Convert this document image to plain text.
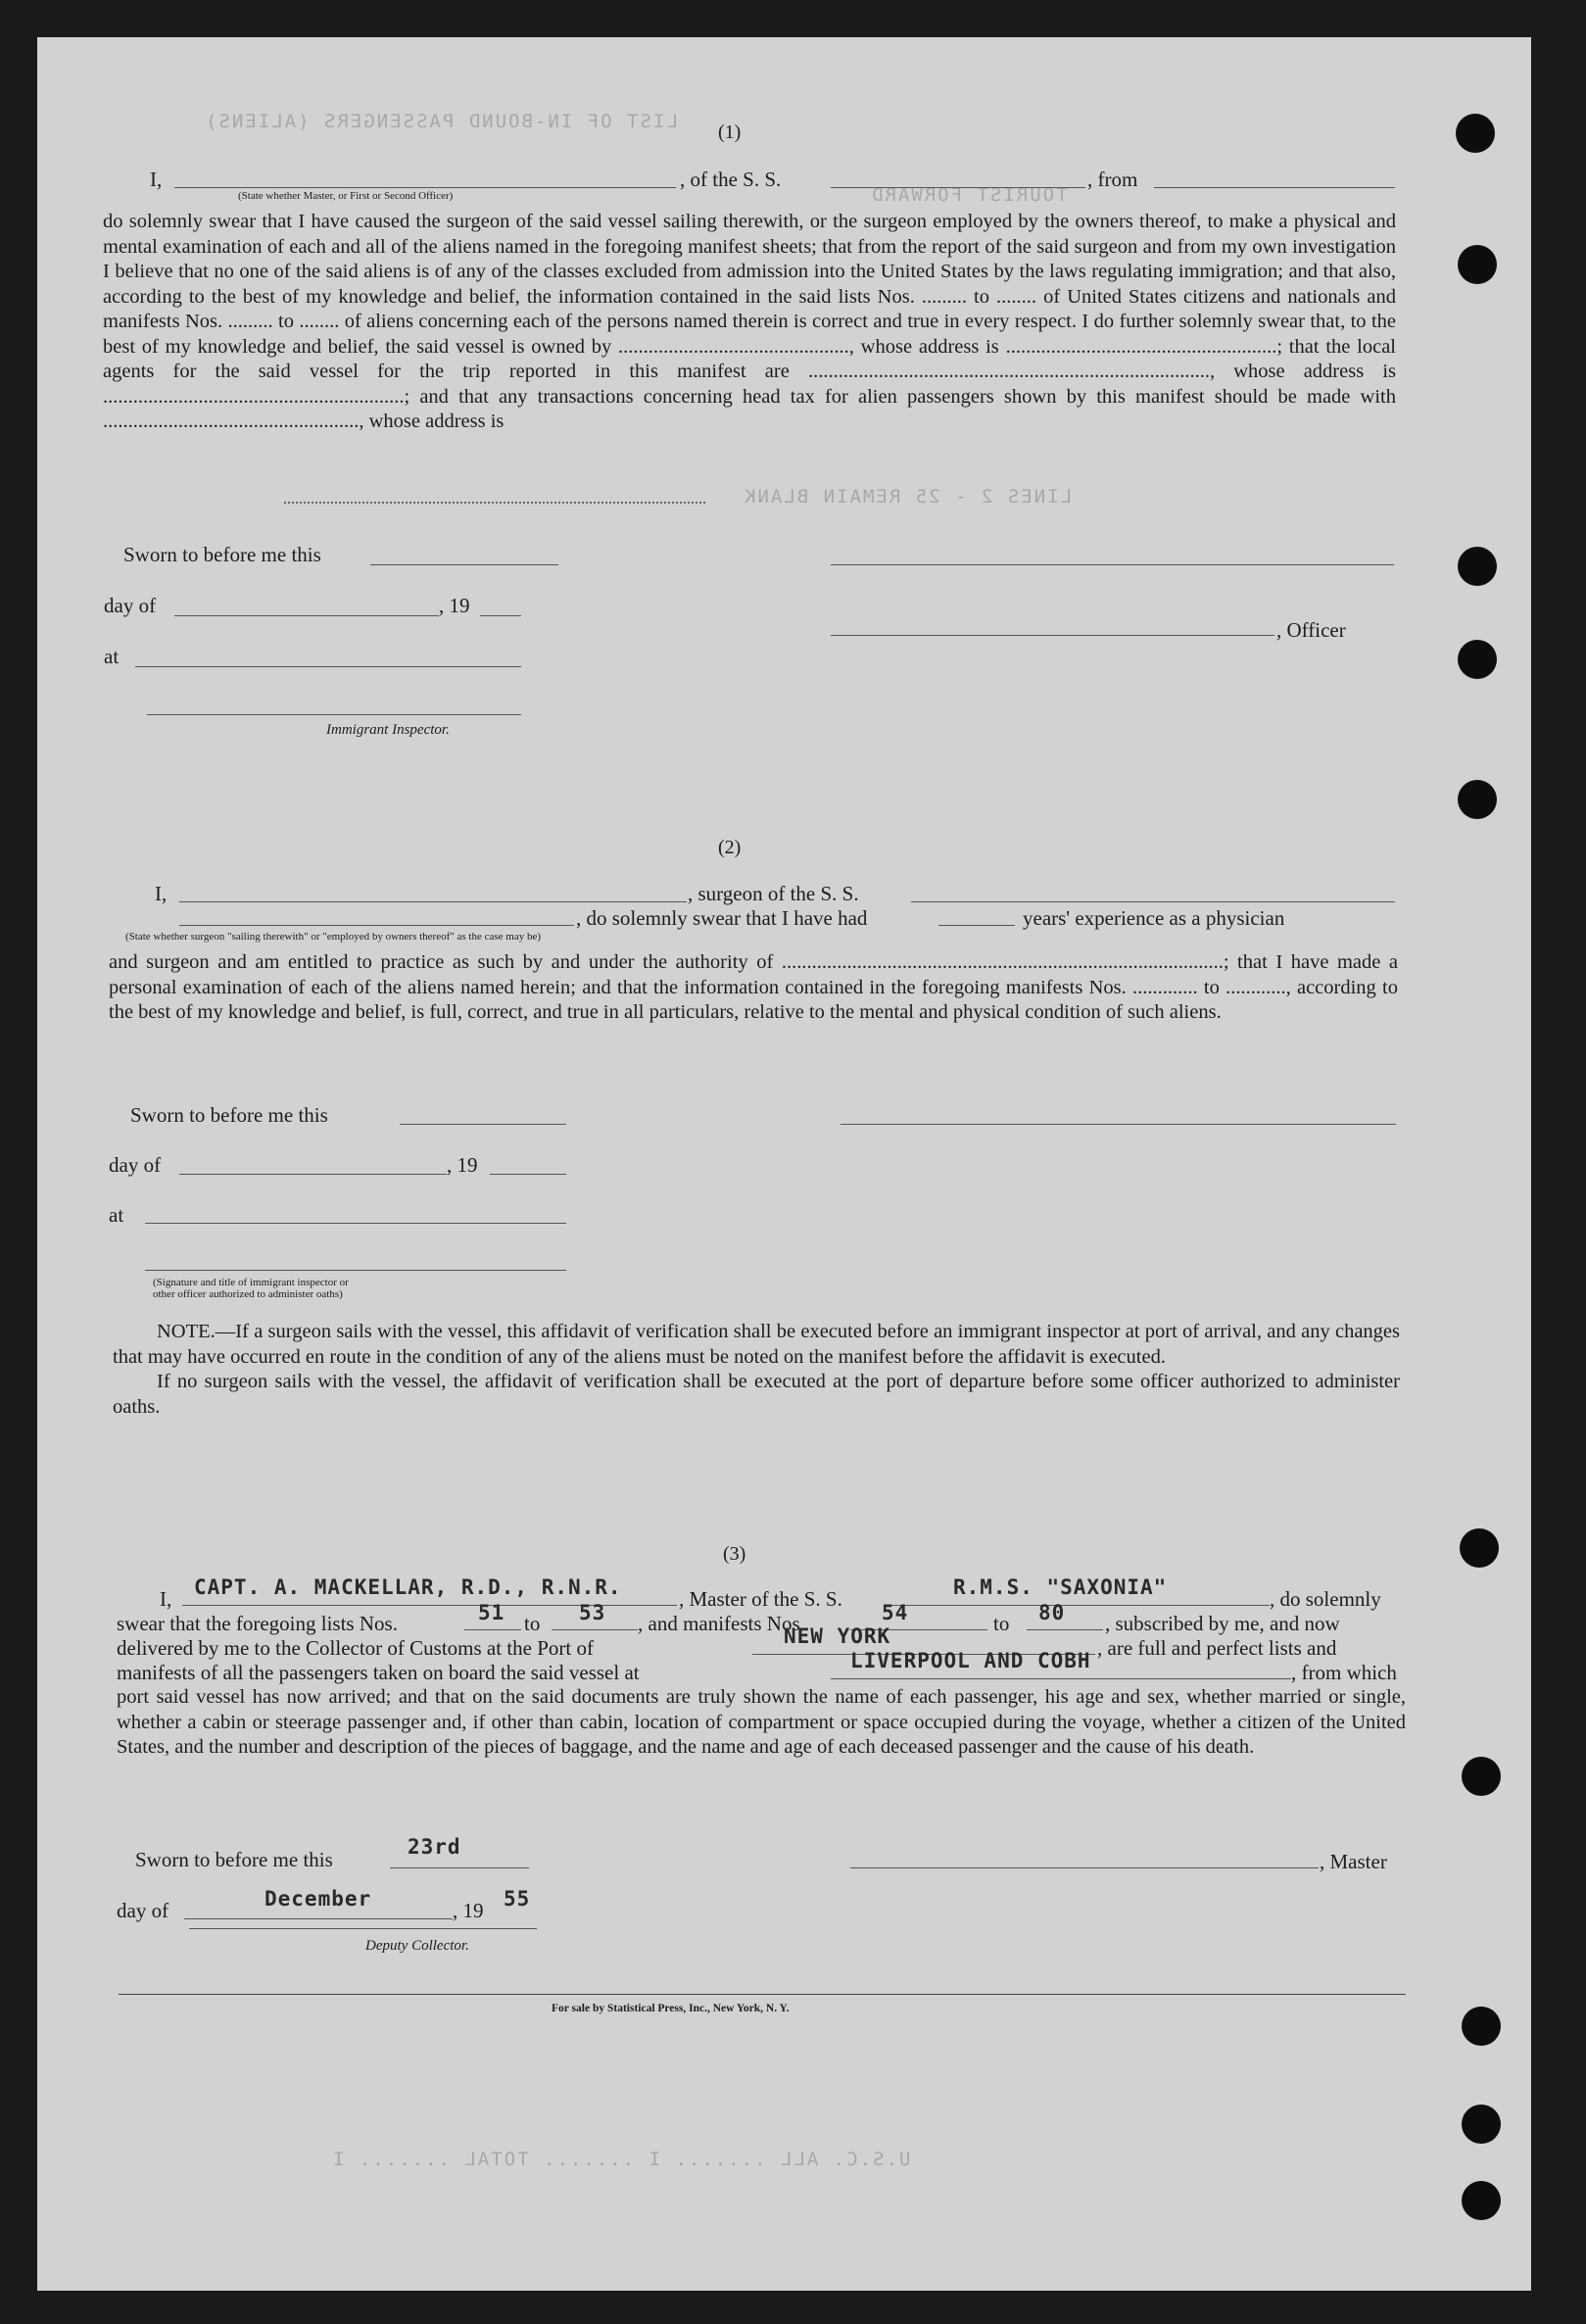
LIST OF IN-BOUND PASSENGERS (ALIENS)
TOURIST FORWARD
LINES 2 - 25 REMAIN BLANK
U.S.C. ALL ....... I ....... TOTAL ....... I
(1)
I,	, of the S. S.	, from
(State whether Master, or First or Second Officer)

do solemnly swear that I have caused the surgeon of the said vessel sailing therewith, or the surgeon employed by the owners thereof, to make a physical and mental examination of each and all of the aliens named in the foregoing manifest sheets; that from the report of the said surgeon and from my own investigation I believe that no one of the said aliens is of any of the classes excluded from admission into the United States by the laws regulating immigration; and that also, according to the best of my knowledge and belief, the information contained in the said lists Nos. ......... to ........ of United States citizens and nationals and manifests Nos. ......... to ........ of aliens concerning each of the persons named therein is correct and true in every respect. I do further solemnly swear that, to the best of my knowledge and belief, the said vessel is owned by .............................................., whose address is ......................................................; that the local agents for the said vessel for the trip reported in this manifest are ................................................................................, whose address is ............................................................; and that any transactions concerning head tax for alien passengers shown by this manifest should be made with ..................................................., whose address is

Sworn to before me this
day of	, 19
, Officer
at
Immigrant Inspector.
(2)
I,	, surgeon of the S. S.
, do solemnly swear that I have had	years' experience as a physician
(State whether surgeon "sailing therewith" or "employed by owners thereof" as the case may be)

and surgeon and am entitled to practice as such by and under the authority of ........................................................................................; that I have made a personal examination of each of the aliens named herein; and that the information contained in the foregoing manifests Nos. ............. to ............, according to the best of my knowledge and belief, is full, correct, and true in all particulars, relative to the mental and physical condition of such aliens.

Sworn to before me this
day of	, 19
at
(Signature and title of immigrant inspector or
other officer authorized to administer oaths)

NOTE.—If a surgeon sails with the vessel, this affidavit of verification shall be executed before an immigrant inspector at port of arrival, and any changes that may have occurred en route in the condition of any of the aliens must be noted on the manifest before the affidavit is executed.

If no surgeon sails with the vessel, the affidavit of verification shall be executed at the port of departure before some officer authorized to administer oaths.

(3)
I, CAPT. A. MACKELLAR, R.D., R.N.R.	, Master of the S. S.	R.M.S. "SAXONIA"	, do solemnly
swear that the foregoing lists Nos.	51 to 53 , and manifests Nos.	54	to 80 , subscribed by me, and now
delivered by me to the Collector of Customs at the Port of	NEW YORK	, are full and perfect lists and
manifests of all the passengers taken on board the said vessel at	LIVERPOOL AND COBH	, from which

port said vessel has now arrived; and that on the said documents are truly shown the name of each passenger, his age and sex, whether married or single, whether a cabin or steerage passenger and, if other than cabin, location of compartment or space occupied during the voyage, whether a citizen of the United States, and the number and description of the pieces of baggage, and the name and age of each deceased passenger and the cause of his death.

Sworn to before me this
23rd
, Master
day of	December	, 19 55
Deputy Collector.
For sale by Statistical Press, Inc., New York, N. Y.
